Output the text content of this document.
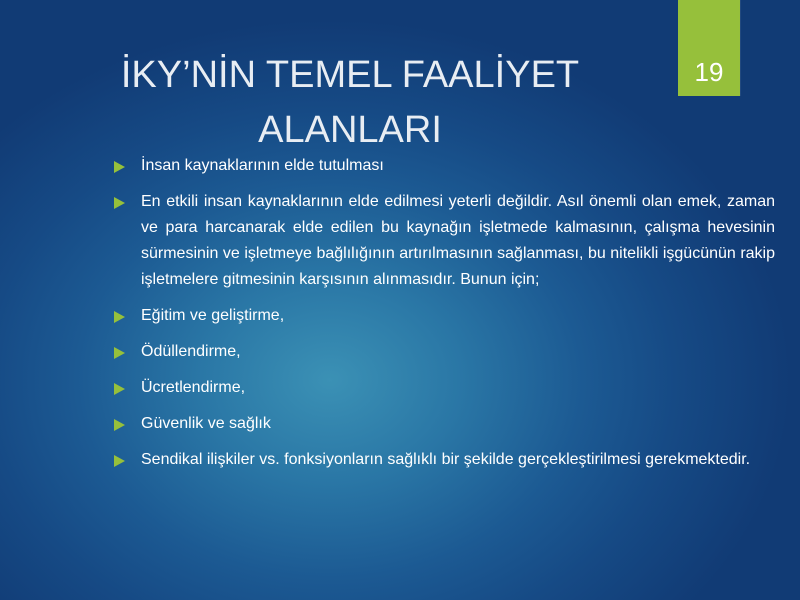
19
İKY’NİN TEMEL FAALİYET
ALANLARI
İnsan kaynaklarının elde tutulması
En etkili insan kaynaklarının elde edilmesi yeterli değildir. Asıl önemli olan emek, zaman ve para harcanarak elde edilen bu kaynağın işletmede kalmasının, çalışma hevesinin sürmesinin ve işletmeye bağlılığının artırılmasının sağlanması, bu nitelikli işgücünün rakip işletmelere gitmesinin karşısının alınmasıdır. Bunun için;
Eğitim ve geliştirme,
Ödüllendirme,
Ücretlendirme,
Güvenlik ve sağlık
Sendikal ilişkiler vs. fonksiyonların sağlıklı bir şekilde gerçekleştirilmesi gerekmektedir.
